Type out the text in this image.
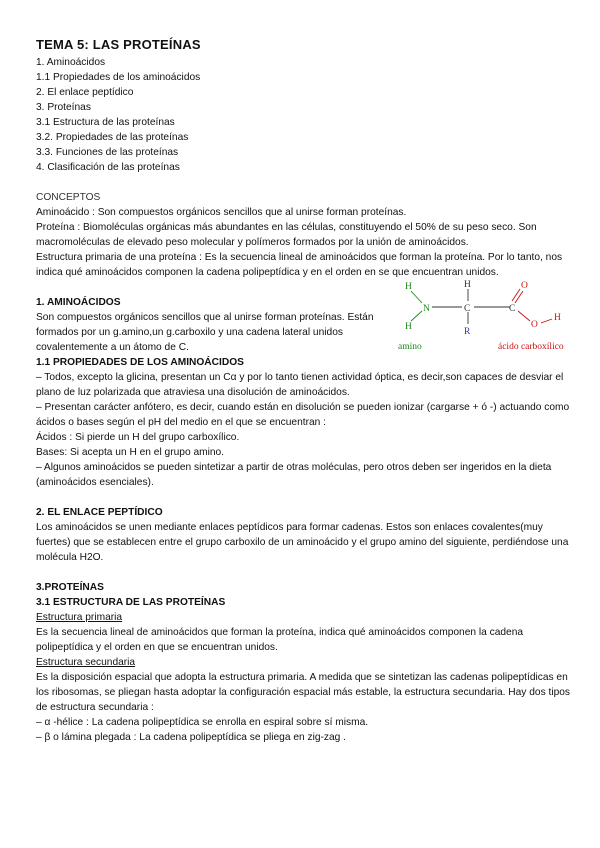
TEMA 5: LAS PROTEÍNAS
1. Aminoácidos
1.1 Propiedades de los aminoácidos
2. El enlace peptídico
3. Proteínas
3.1 Estructura de las proteínas
3.2. Propiedades de las proteínas
3.3. Funciones de las proteínas
4. Clasificación de las proteínas

CONCEPTOS

Aminoácido : Son compuestos orgánicos sencillos que al unirse forman proteínas.

Proteína : Biomoléculas orgánicas más abundantes en las células, constituyendo el 50% de su peso seco. Son macromoléculas de elevado peso molecular y polímeros formados por la unión de aminoácidos.

Estructura primaria de una proteína : Es la secuencia lineal de aminoácidos que forman la proteína. Por lo tanto, nos indica qué aminoácidos componen la cadena polipeptídica y en el orden en se que encuentran unidos.

1. AMINOÁCIDOS

Son compuestos orgánicos sencillos que al unirse forman proteínas. Están formados por un g.amino,un g.carboxilo y una cadena lateral unidos covalentemente a un átomo de C.

H
H
N
H
C
R
C
O
O
H
amino	ácido carboxílico

1.1 PROPIEDADES DE LOS AMINOÁCIDOS

– Todos, excepto la glicina, presentan un Cα y por lo tanto tienen actividad óptica, es decir,son capaces de desviar el plano de luz polarizada que atraviesa una disolución de aminoácidos.

– Presentan carácter anfótero, es decir, cuando están en disolución se pueden ionizar (cargarse + ó -) actuando como ácidos o bases según el pH del medio en el que se encuentran :

Ácidos : Si pierde un H del grupo carboxílico.

Bases: Si acepta un H en el grupo amino.

– Algunos aminoácidos se pueden sintetizar a partir de otras moléculas, pero otros deben ser ingeridos en la dieta (aminoácidos esenciales).

2. EL ENLACE PEPTÍDICO

Los aminoácidos se unen mediante enlaces peptídicos para formar cadenas. Estos son enlaces covalentes(muy fuertes) que se establecen entre el grupo carboxilo de un aminoácido y el grupo amino del siguiente, perdiéndose una molécula H2O.

3.PROTEÍNAS

3.1 ESTRUCTURA DE LAS PROTEÍNAS

Estructura primaria

Es la secuencia lineal de aminoácidos que forman la proteína, indica qué aminoácidos componen la cadena polipeptídica y el orden en que se encuentran unidos.

Estructura secundaria

Es la disposición espacial que adopta la estructura primaria. A medida que se sintetizan las cadenas polipeptídicas en los ribosomas, se pliegan hasta adoptar la configuración espacial más estable, la estructura secundaria. Hay dos tipos de estructura secundaria :

– α -hélice : La cadena polipeptídica se enrolla en espiral sobre sí misma.

– β o lámina plegada : La cadena polipeptídica se pliega en zig-zag .
